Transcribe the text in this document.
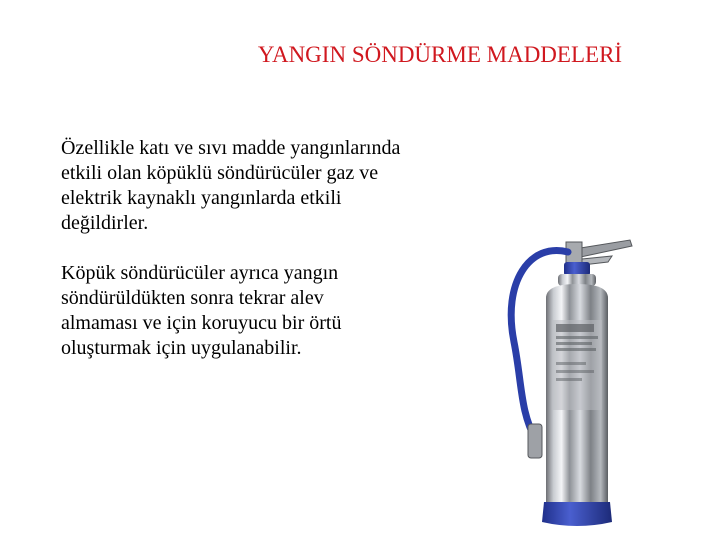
YANGIN SÖNDÜRME MADDELERİ

Özellikle katı ve sıvı madde yangınlarında
etkili olan köpüklü söndürücüler gaz ve
elektrik kaynaklı yangınlarda etkili
değildirler.

Köpük söndürücüler ayrıca yangın
söndürüldükten sonra tekrar alev
almaması ve için koruyucu bir örtü
oluşturmak için uygulanabilir.
